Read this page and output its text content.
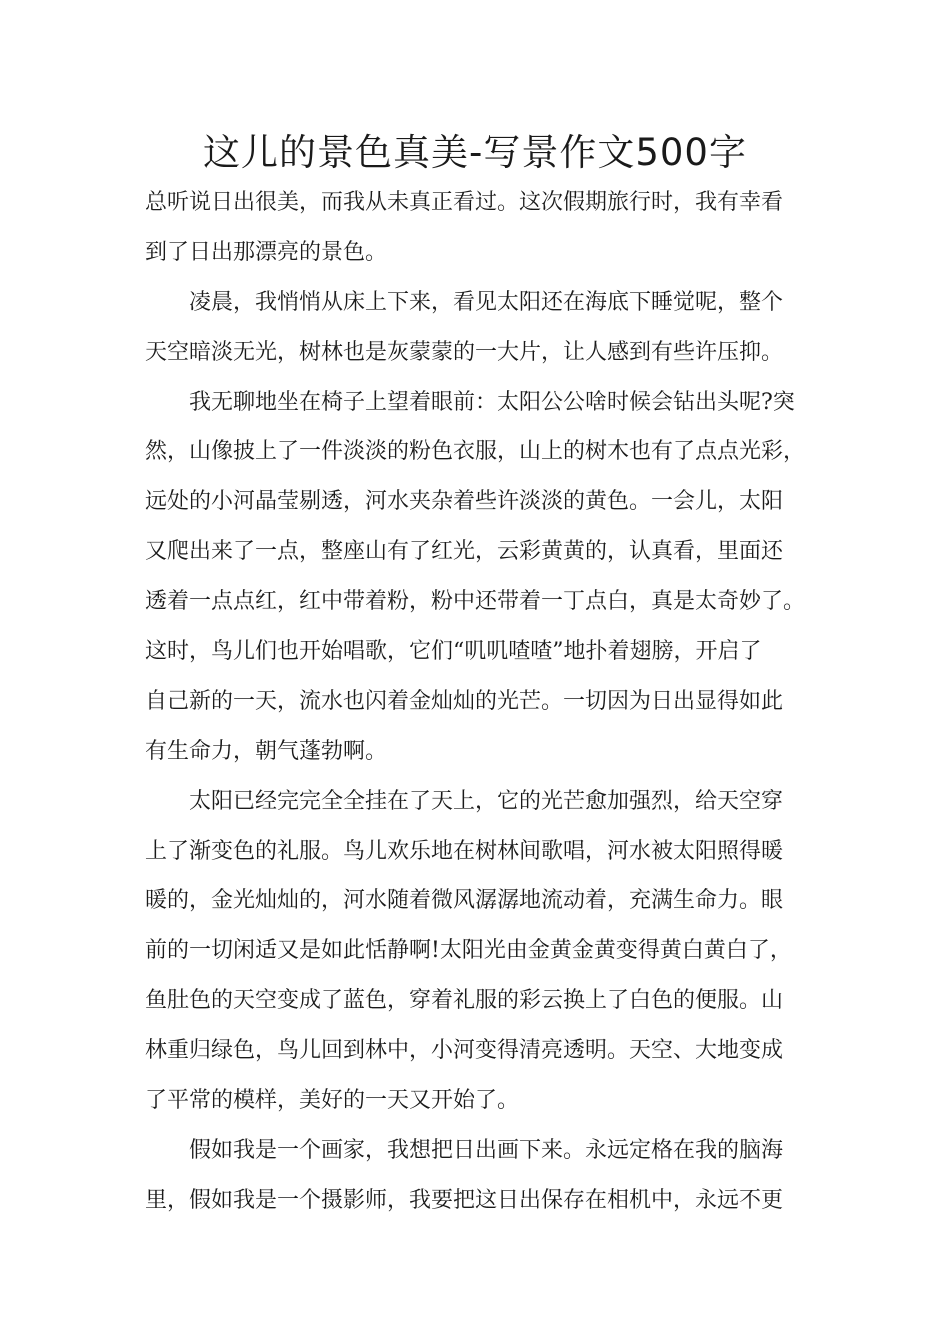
这儿的景色真美-写景作文500字
总听说日出很美，而我从未真正看过。这次假期旅行时，我有幸看
到了日出那漂亮的景色。
凌晨，我悄悄从床上下来，看见太阳还在海底下睡觉呢，整个
天空暗淡无光，树林也是灰蒙蒙的一大片，让人感到有些许压抑。
我无聊地坐在椅子上望着眼前：太阳公公啥时候会钻出头呢?突
然，山像披上了一件淡淡的粉色衣服，山上的树木也有了点点光彩，
远处的小河晶莹剔透，河水夹杂着些许淡淡的黄色。一会儿，太阳
又爬出来了一点，整座山有了红光，云彩黄黄的，认真看，里面还
透着一点点红，红中带着粉，粉中还带着一丁点白，真是太奇妙了。
这时，鸟儿们也开始唱歌，它们“叽叽喳喳”地扑着翅膀，开启了
自己新的一天，流水也闪着金灿灿的光芒。一切因为日出显得如此
有生命力，朝气蓬勃啊。
太阳已经完完全全挂在了天上，它的光芒愈加强烈，给天空穿
上了渐变色的礼服。鸟儿欢乐地在树林间歌唱，河水被太阳照得暖
暖的，金光灿灿的，河水随着微风潺潺地流动着，充满生命力。眼
前的一切闲适又是如此恬静啊!太阳光由金黄金黄变得黄白黄白了，
鱼肚色的天空变成了蓝色，穿着礼服的彩云换上了白色的便服。山
林重归绿色，鸟儿回到林中，小河变得清亮透明。天空、大地变成
了平常的模样，美好的一天又开始了。
假如我是一个画家，我想把日出画下来。永远定格在我的脑海
里，假如我是一个摄影师，我要把这日出保存在相机中，永远不更
